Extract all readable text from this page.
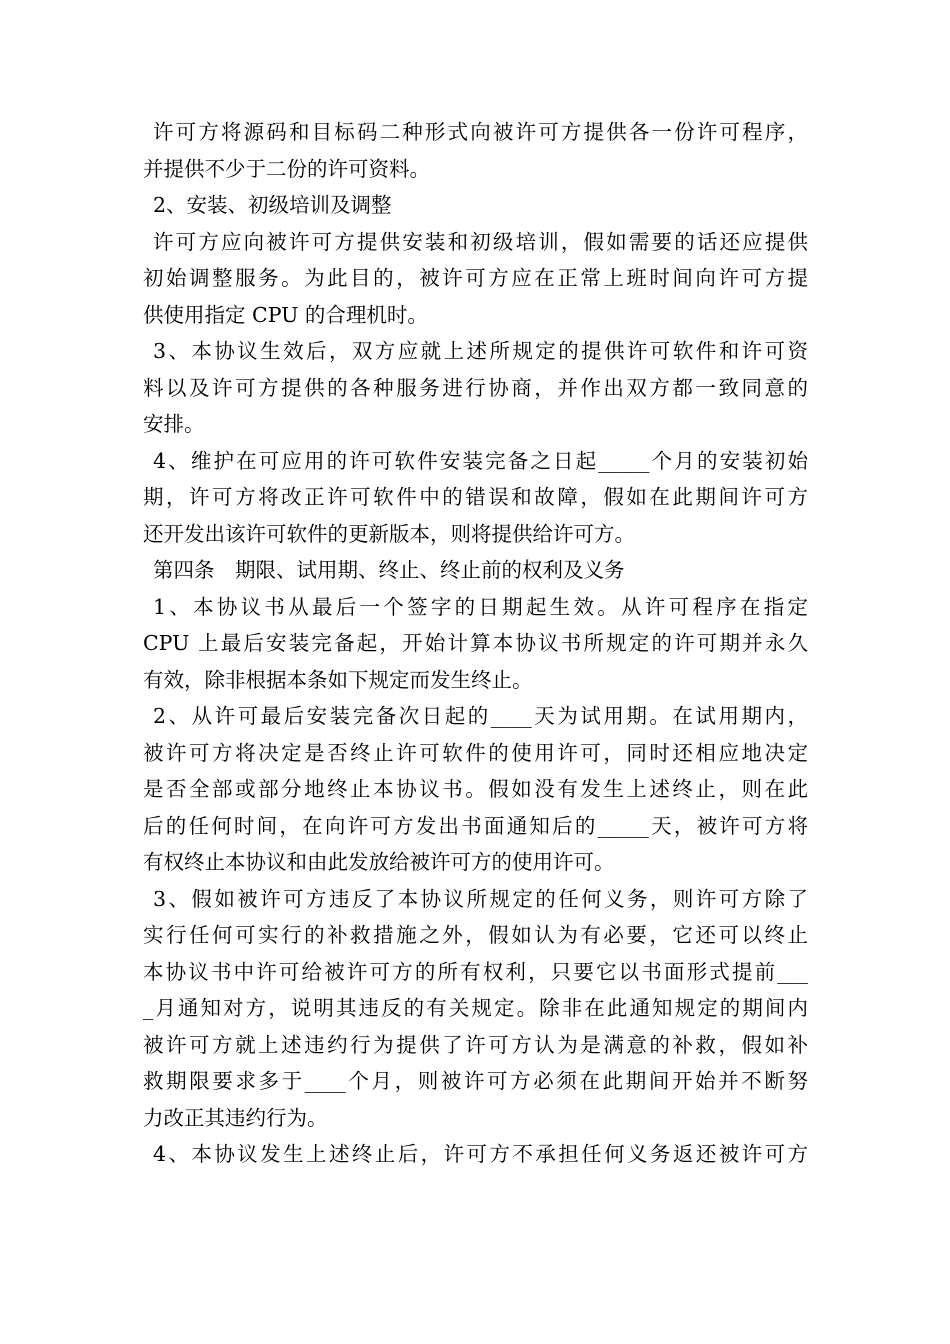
许可方将源码和目标码二种形式向被许可方提供各一份许可程序，
并提供不少于二份的许可资料。
2、安装、初级培训及调整
许可方应向被许可方提供安装和初级培训，假如需要的话还应提供
初始调整服务。为此目的，被许可方应在正常上班时间向许可方提
供使用指定 CPU 的合理机时。
3、本协议生效后，双方应就上述所规定的提供许可软件和许可资
料以及许可方提供的各种服务进行协商，并作出双方都一致同意的
安排。
4、维护在可应用的许可软件安装完备之日起_____个月的安装初始
期，许可方将改正许可软件中的错误和故障，假如在此期间许可方
还开发出该许可软件的更新版本，则将提供给许可方。
第四条　期限、试用期、终止、终止前的权利及义务
1、本协议书从最后一个签字的日期起生效。从许可程序在指定
CPU 上最后安装完备起，开始计算本协议书所规定的许可期并永久
有效，除非根据本条如下规定而发生终止。
2、从许可最后安装完备次日起的____天为试用期。在试用期内，
被许可方将决定是否终止许可软件的使用许可，同时还相应地决定
是否全部或部分地终止本协议书。假如没有发生上述终止，则在此
后的任何时间，在向许可方发出书面通知后的_____天，被许可方将
有权终止本协议和由此发放给被许可方的使用许可。
3、假如被许可方违反了本协议所规定的任何义务，则许可方除了
实行任何可实行的补救措施之外，假如认为有必要，它还可以终止
本协议书中许可给被许可方的所有权利，只要它以书面形式提前___
_月通知对方，说明其违反的有关规定。除非在此通知规定的期间内
被许可方就上述违约行为提供了许可方认为是满意的补救，假如补
救期限要求多于____个月，则被许可方必须在此期间开始并不断努
力改正其违约行为。
4、本协议发生上述终止后，许可方不承担任何义务返还被许可方
